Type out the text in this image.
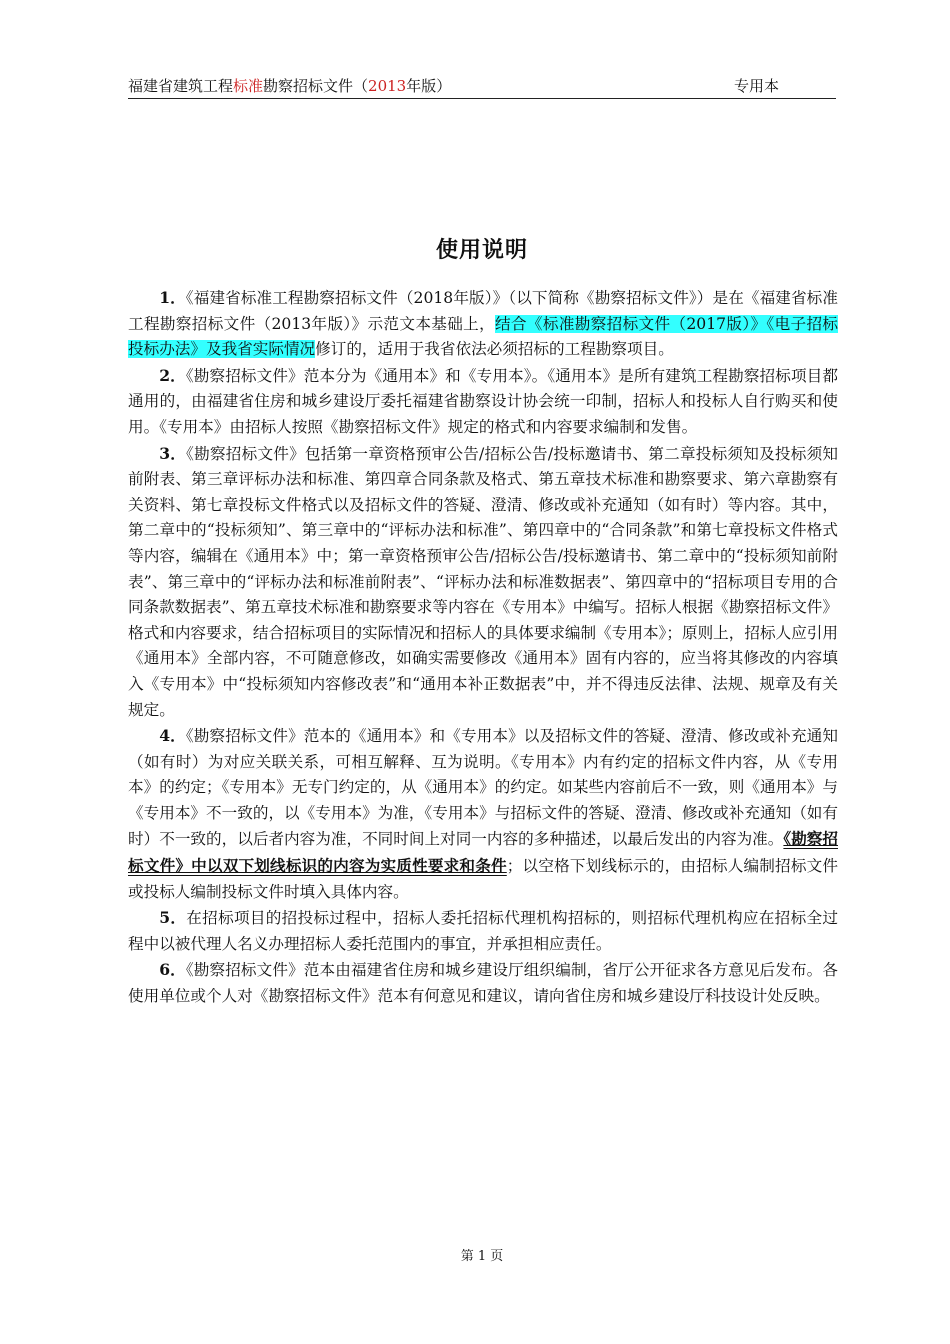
福建省建筑工程标准勘察招标文件（2013年版）	专用本
使用说明

1．《福建省标准工程勘察招标文件（2018年版）》（以下简称《勘察招标文件》）是在《福建省标准工程勘察招标文件（2013年版）》示范文本基础上，结合《标准勘察招标文件（2017版）》《电子招标投标办法》及我省实际情况修订的，适用于我省依法必须招标的工程勘察项目。

2．《勘察招标文件》范本分为《通用本》和《专用本》。《通用本》是所有建筑工程勘察招标项目都通用的，由福建省住房和城乡建设厅委托福建省勘察设计协会统一印制，招标人和投标人自行购买和使用。《专用本》由招标人按照《勘察招标文件》规定的格式和内容要求编制和发售。

3．《勘察招标文件》包括第一章资格预审公告/招标公告/投标邀请书、第二章投标须知及投标须知前附表、第三章评标办法和标准、第四章合同条款及格式、第五章技术标准和勘察要求、第六章勘察有关资料、第七章投标文件格式以及招标文件的答疑、澄清、修改或补充通知（如有时）等内容。其中，第二章中的“投标须知”、第三章中的“评标办法和标准”、第四章中的“合同条款”和第七章投标文件格式等内容，编辑在《通用本》中；第一章资格预审公告/招标公告/投标邀请书、第二章中的“投标须知前附表”、第三章中的“评标办法和标准前附表”、“评标办法和标准数据表”、第四章中的“招标项目专用的合同条款数据表”、第五章技术标准和勘察要求等内容在《专用本》中编写。招标人根据《勘察招标文件》格式和内容要求，结合招标项目的实际情况和招标人的具体要求编制《专用本》；原则上，招标人应引用《通用本》全部内容，不可随意修改，如确实需要修改《通用本》固有内容的，应当将其修改的内容填入《专用本》中“投标须知内容修改表”和“通用本补正数据表”中，并不得违反法律、法规、规章及有关规定。

4．《勘察招标文件》范本的《通用本》和《专用本》以及招标文件的答疑、澄清、修改或补充通知（如有时）为对应关联关系，可相互解释、互为说明。《专用本》内有约定的招标文件内容，从《专用本》的约定；《专用本》无专门约定的，从《通用本》的约定。如某些内容前后不一致，则《通用本》与《专用本》不一致的，以《专用本》为准，《专用本》与招标文件的答疑、澄清、修改或补充通知（如有时）不一致的，以后者内容为准，不同时间上对同一内容的多种描述，以最后发出的内容为准。《勘察招标文件》中以双下划线标识的内容为实质性要求和条件；以空格下划线标示的，由招标人编制招标文件或投标人编制投标文件时填入具体内容。

5．在招标项目的招投标过程中，招标人委托招标代理机构招标的，则招标代理机构应在招标全过程中以被代理人名义办理招标人委托范围内的事宜，并承担相应责任。

6．《勘察招标文件》范本由福建省住房和城乡建设厅组织编制，省厅公开征求各方意见后发布。各使用单位或个人对《勘察招标文件》范本有何意见和建议，请向省住房和城乡建设厅科技设计处反映。

第 1 页
